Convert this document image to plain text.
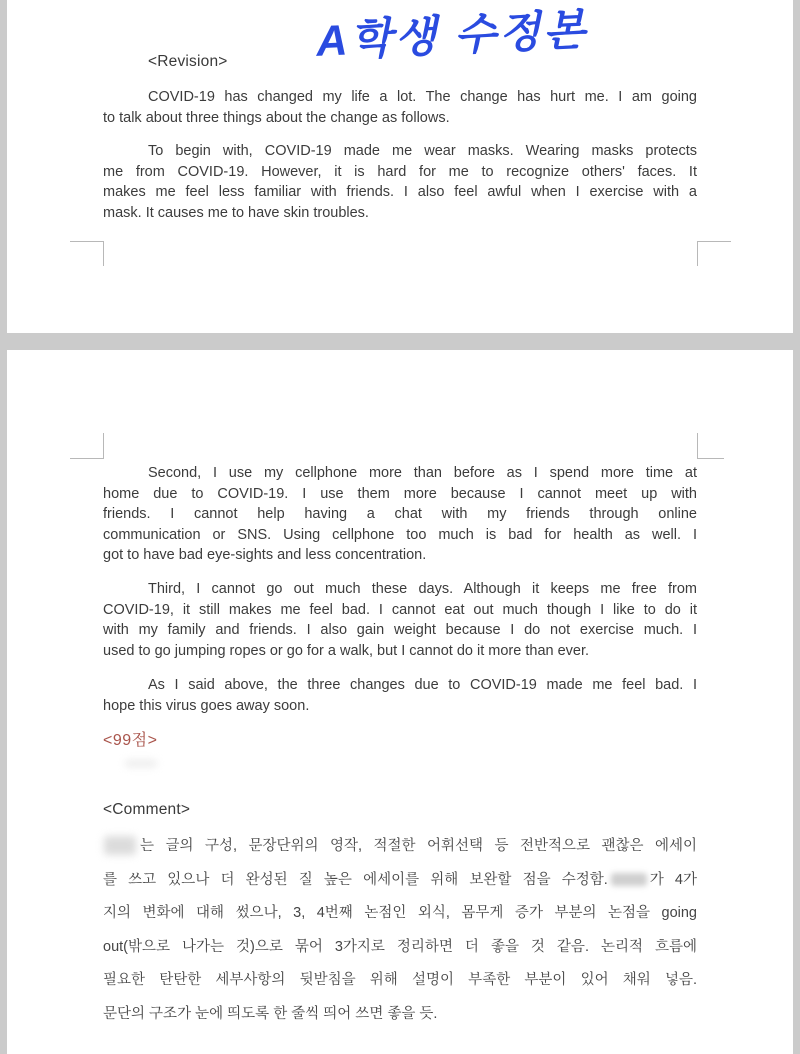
A학생 수정본
<Revision>
COVID-19 has changed my life a lot. The change has hurt me. I am going
to talk about three things about the change as follows.
To begin with, COVID-19 made me wear masks. Wearing masks protects
me from COVID-19. However, it is hard for me to recognize others' faces. It
makes me feel less familiar with friends. I also feel awful when I exercise with a
mask. It causes me to have skin troubles.
Second, I use my cellphone more than before as I spend more time at
home due to COVID-19. I use them more because I cannot meet up with
friends. I cannot help having a chat with my friends through online
communication or SNS. Using cellphone too much is bad for health as well. I
got to have bad eye-sights and less concentration.
Third, I cannot go out much these days. Although it keeps me free from
COVID-19, it still makes me feel bad. I cannot eat out much though I like to do it
with my family and friends. I also gain weight because I do not exercise much. I
used to go jumping ropes or go for a walk, but I cannot do it more than ever.
As I said above, the three changes due to COVID-19 made me feel bad. I
hope this virus goes away soon.
<99점>
<Comment>
는 글의 구성, 문장단위의 영작, 적절한 어휘선택 등 전반적으로 괜찮은 에세이
를 쓰고 있으나 더 완성된 질 높은 에세이를 위해 보완할 점을 수정함.	가 4가
지의 변화에 대해 썼으나, 3, 4번째 논점인 외식, 몸무게 증가 부분의 논점을 going
out(밖으로 나가는 것)으로 묶어 3가지로 정리하면 더 좋을 것 같음. 논리적 흐름에
필요한 탄탄한 세부사항의 뒷받침을 위해 설명이 부족한 부분이 있어 채워 넣음.
문단의 구조가 눈에 띄도록 한 줄씩 띄어 쓰면 좋을 듯.
